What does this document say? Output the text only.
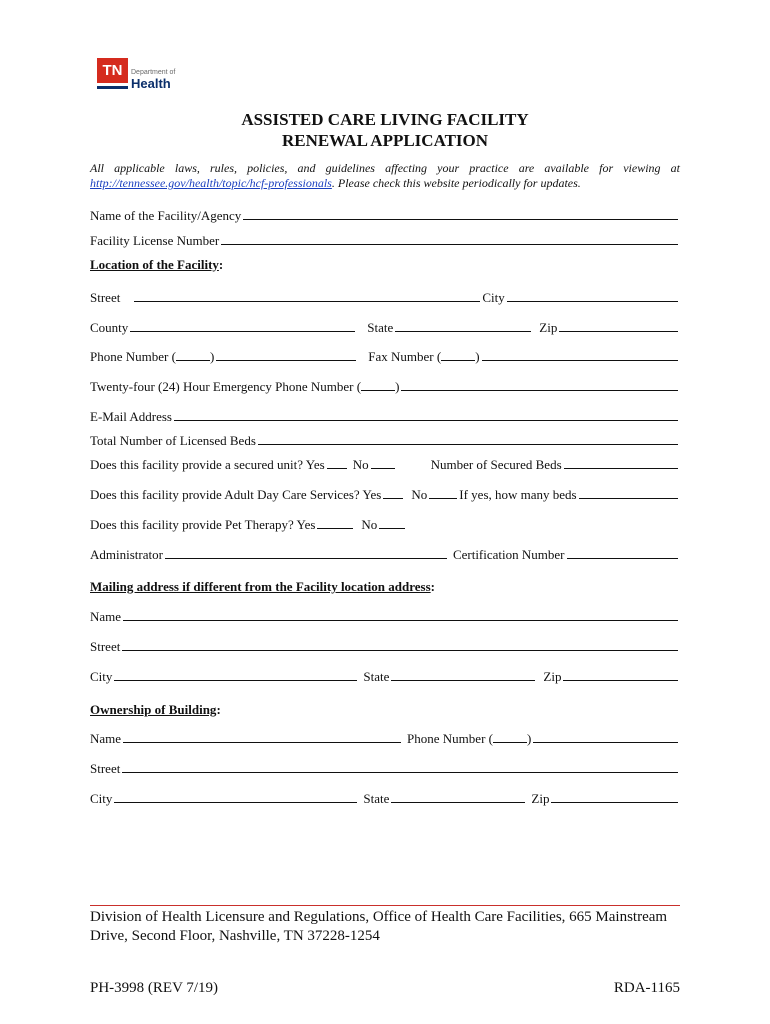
TN	Department of
Health
ASSISTED CARE LIVING FACILITY
RENEWAL APPLICATION
All applicable laws, rules, policies, and guidelines affecting your practice are available for viewing at http://tennessee.gov/health/topic/hcf-professionals. Please check this website periodically for updates.
Name of the Facility/Agency
Facility License Number
Location of the Facility:
Street	City
County	State	Zip
Phone Number (	)	Fax Number (	)
Twenty-four (24) Hour Emergency Phone Number (	)
E-Mail Address
Total Number of Licensed Beds
Does this facility provide a secured unit? Yes No	Number of Secured Beds
Does this facility provide Adult Day Care Services? Yes No If yes, how many beds
Does this facility provide Pet Therapy? Yes	No
Administrator	Certification Number
Mailing address if different from the Facility location address:
Name
Street
City	State	Zip
Ownership of Building:
Name	Phone Number (	)
Street
City	State	Zip
Division of Health Licensure and Regulations, Office of Health Care Facilities, 665 Mainstream Drive, Second Floor, Nashville, TN 37228-1254
PH-3998 (REV 7/19)	RDA-1165
